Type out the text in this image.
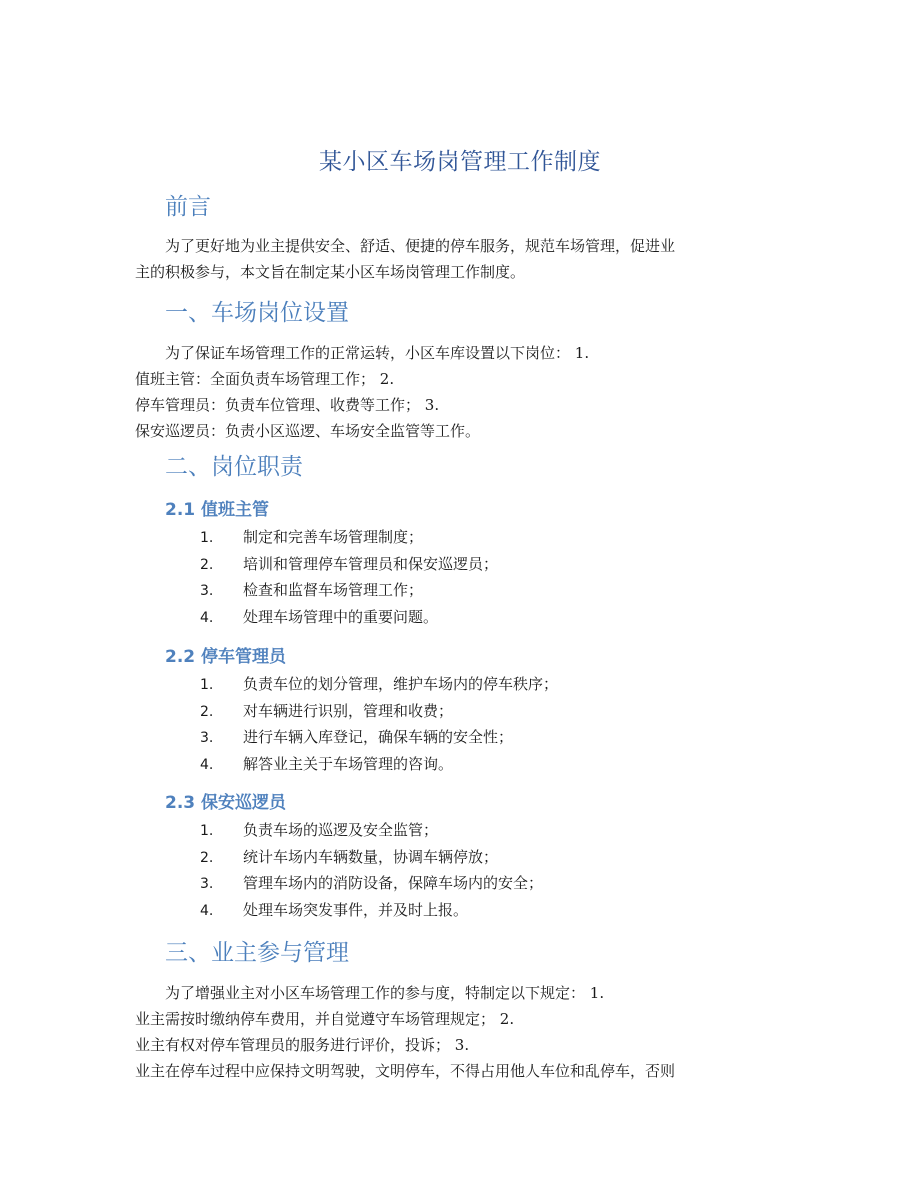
某小区车场岗管理工作制度
前言

为了更好地为业主提供安全、舒适、便捷的停车服务，规范车场管理，促进业
主的积极参与，本文旨在制定某小区车场岗管理工作制度。

一、车场岗位设置

为了保证车场管理工作的正常运转，小区车库设置以下岗位： 1.
值班主管：全面负责车场管理工作； 2.
停车管理员：负责车位管理、收费等工作； 3.
保安巡逻员：负责小区巡逻、车场安全监管等工作。

二、岗位职责
2.1 值班主管
1. 制定和完善车场管理制度；
2. 培训和管理停车管理员和保安巡逻员；
3. 检查和监督车场管理工作；
4. 处理车场管理中的重要问题。
2.2 停车管理员
1. 负责车位的划分管理，维护车场内的停车秩序；
2. 对车辆进行识别，管理和收费；
3. 进行车辆入库登记，确保车辆的安全性；
4. 解答业主关于车场管理的咨询。
2.3 保安巡逻员
1. 负责车场的巡逻及安全监管；
2. 统计车场内车辆数量，协调车辆停放；
3. 管理车场内的消防设备，保障车场内的安全；
4. 处理车场突发事件，并及时上报。
三、业主参与管理

为了增强业主对小区车场管理工作的参与度，特制定以下规定： 1.
业主需按时缴纳停车费用，并自觉遵守车场管理规定； 2.
业主有权对停车管理员的服务进行评价，投诉； 3.
业主在停车过程中应保持文明驾驶，文明停车，不得占用他人车位和乱停车，否则
